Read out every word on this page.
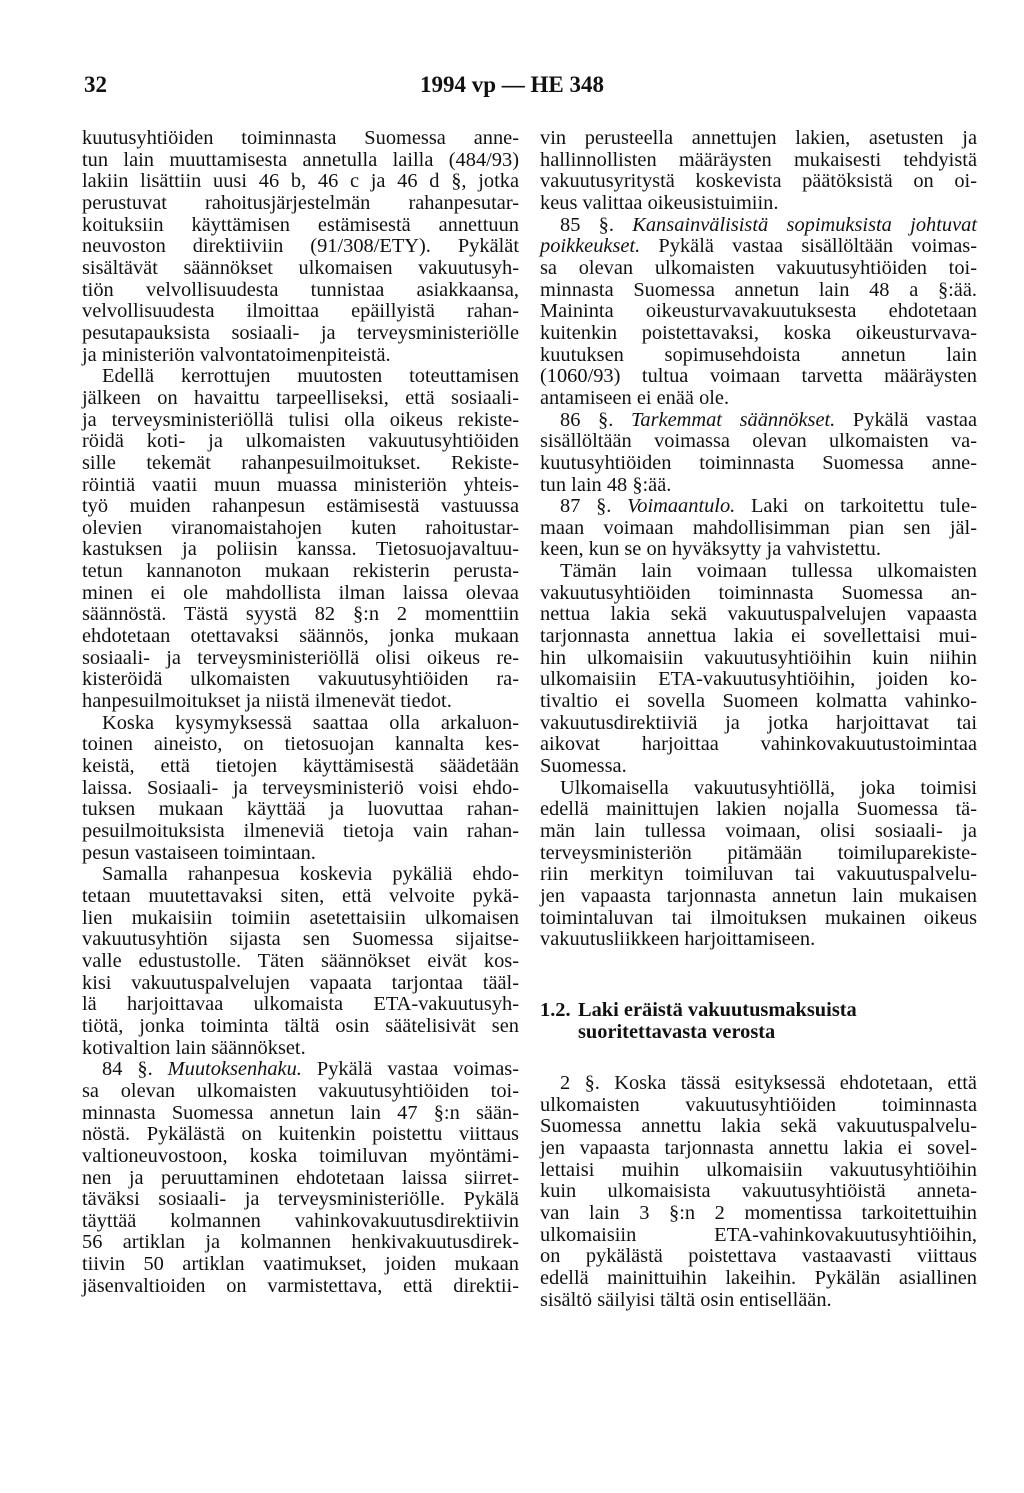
32	1994 vp — HE 348
kuutusyhtiöiden toiminnasta Suomessa anne-
tun lain muuttamisesta annetulla lailla (484/93)
lakiin lisättiin uusi 46 b, 46 c ja 46 d §, jotka
perustuvat rahoitusjärjestelmän rahanpesutar-
koituksiin käyttämisen estämisestä annettuun
neuvoston direktiiviin (91/308/ETY). Pykälät
sisältävät säännökset ulkomaisen vakuutusyh-
tiön velvollisuudesta tunnistaa asiakkaansa,
velvollisuudesta ilmoittaa epäillyistä rahan-
pesutapauksista sosiaali- ja terveysministeriölle
ja ministeriön valvontatoimenpiteistä.
Edellä kerrottujen muutosten toteuttamisen
jälkeen on havaittu tarpeelliseksi, että sosiaali-
ja terveysministeriöllä tulisi olla oikeus rekiste-
röidä koti- ja ulkomaisten vakuutusyhtiöiden
sille tekemät rahanpesuilmoitukset. Rekiste-
röintiä vaatii muun muassa ministeriön yhteis-
työ muiden rahanpesun estämisestä vastuussa
olevien viranomaistahojen kuten rahoitustar-
kastuksen ja poliisin kanssa. Tietosuojavaltuu-
tetun kannanoton mukaan rekisterin perusta-
minen ei ole mahdollista ilman laissa olevaa
säännöstä. Tästä syystä 82 §:n 2 momenttiin
ehdotetaan otettavaksi säännös, jonka mukaan
sosiaali- ja terveysministeriöllä olisi oikeus re-
kisteröidä ulkomaisten vakuutusyhtiöiden ra-
hanpesuilmoitukset ja niistä ilmenevät tiedot.
Koska kysymyksessä saattaa olla arkaluon-
toinen aineisto, on tietosuojan kannalta kes-
keistä, että tietojen käyttämisestä säädetään
laissa. Sosiaali- ja terveysministeriö voisi ehdo-
tuksen mukaan käyttää ja luovuttaa rahan-
pesuilmoituksista ilmeneviä tietoja vain rahan-
pesun vastaiseen toimintaan.
Samalla rahanpesua koskevia pykäliä ehdo-
tetaan muutettavaksi siten, että velvoite pykä-
lien mukaisiin toimiin asetettaisiin ulkomaisen
vakuutusyhtiön sijasta sen Suomessa sijaitse-
valle edustustolle. Täten säännökset eivät kos-
kisi vakuutuspalvelujen vapaata tarjontaa tääl-
lä harjoittavaa ulkomaista ETA-vakuutusyh-
tiötä, jonka toiminta tältä osin säätelisivät sen
kotivaltion lain säännökset.
84 §. Muutoksenhaku. Pykälä vastaa voimas-
sa olevan ulkomaisten vakuutusyhtiöiden toi-
minnasta Suomessa annetun lain 47 §:n sään-
nöstä. Pykälästä on kuitenkin poistettu viittaus
valtioneuvostoon, koska toimiluvan myöntämi-
nen ja peruuttaminen ehdotetaan laissa siirret-
täväksi sosiaali- ja terveysministeriölle. Pykälä
täyttää kolmannen vahinkovakuutusdirektiivin
56 artiklan ja kolmannen henkivakuutusdirek-
tiivin 50 artiklan vaatimukset, joiden mukaan
jäsenvaltioiden on varmistettava, että direktii-
vin perusteella annettujen lakien, asetusten ja
hallinnollisten määräysten mukaisesti tehdyistä
vakuutusyritystä koskevista päätöksistä on oi-
keus valittaa oikeusistuimiin.
85 §. Kansainvälisistä sopimuksista johtuvat
poikkeukset. Pykälä vastaa sisällöltään voimas-
sa olevan ulkomaisten vakuutusyhtiöiden toi-
minnasta Suomessa annetun lain 48 a §:ää.
Maininta oikeusturvavakuutuksesta ehdotetaan
kuitenkin poistettavaksi, koska oikeusturvava-
kuutuksen sopimusehdoista annetun lain
(1060/93) tultua voimaan tarvetta määräysten
antamiseen ei enää ole.
86 §. Tarkemmat säännökset. Pykälä vastaa
sisällöltään voimassa olevan ulkomaisten va-
kuutusyhtiöiden toiminnasta Suomessa anne-
tun lain 48 §:ää.
87 §. Voimaantulo. Laki on tarkoitettu tule-
maan voimaan mahdollisimman pian sen jäl-
keen, kun se on hyväksytty ja vahvistettu.
Tämän lain voimaan tullessa ulkomaisten
vakuutusyhtiöiden toiminnasta Suomessa an-
nettua lakia sekä vakuutuspalvelujen vapaasta
tarjonnasta annettua lakia ei sovellettaisi mui-
hin ulkomaisiin vakuutusyhtiöihin kuin niihin
ulkomaisiin ETA-vakuutusyhtiöihin, joiden ko-
tivaltio ei sovella Suomeen kolmatta vahinko-
vakuutusdirektiiviä ja jotka harjoittavat tai
aikovat harjoittaa vahinkovakuutustoimintaa
Suomessa.
Ulkomaisella vakuutusyhtiöllä, joka toimisi
edellä mainittujen lakien nojalla Suomessa tä-
män lain tullessa voimaan, olisi sosiaali- ja
terveysministeriön pitämään toimiluparekiste-
riin merkityn toimiluvan tai vakuutuspalvelu-
jen vapaasta tarjonnasta annetun lain mukaisen
toimintaluvan tai ilmoituksen mukainen oikeus
vakuutusliikkeen harjoittamiseen.
1.2. Laki eräistä vakuutusmaksuista
suoritettavasta verosta
2 §. Koska tässä esityksessä ehdotetaan, että
ulkomaisten vakuutusyhtiöiden toiminnasta
Suomessa annettu lakia sekä vakuutuspalvelu-
jen vapaasta tarjonnasta annettu lakia ei sovel-
lettaisi muihin ulkomaisiin vakuutusyhtiöihin
kuin ulkomaisista vakuutusyhtiöistä anneta-
van lain 3 §:n 2 momentissa tarkoitettuihin
ulkomaisiin ETA-vahinkovakuutusyhtiöihin,
on pykälästä poistettava vastaavasti viittaus
edellä mainittuihin lakeihin. Pykälän asiallinen
sisältö säilyisi tältä osin entisellään.
